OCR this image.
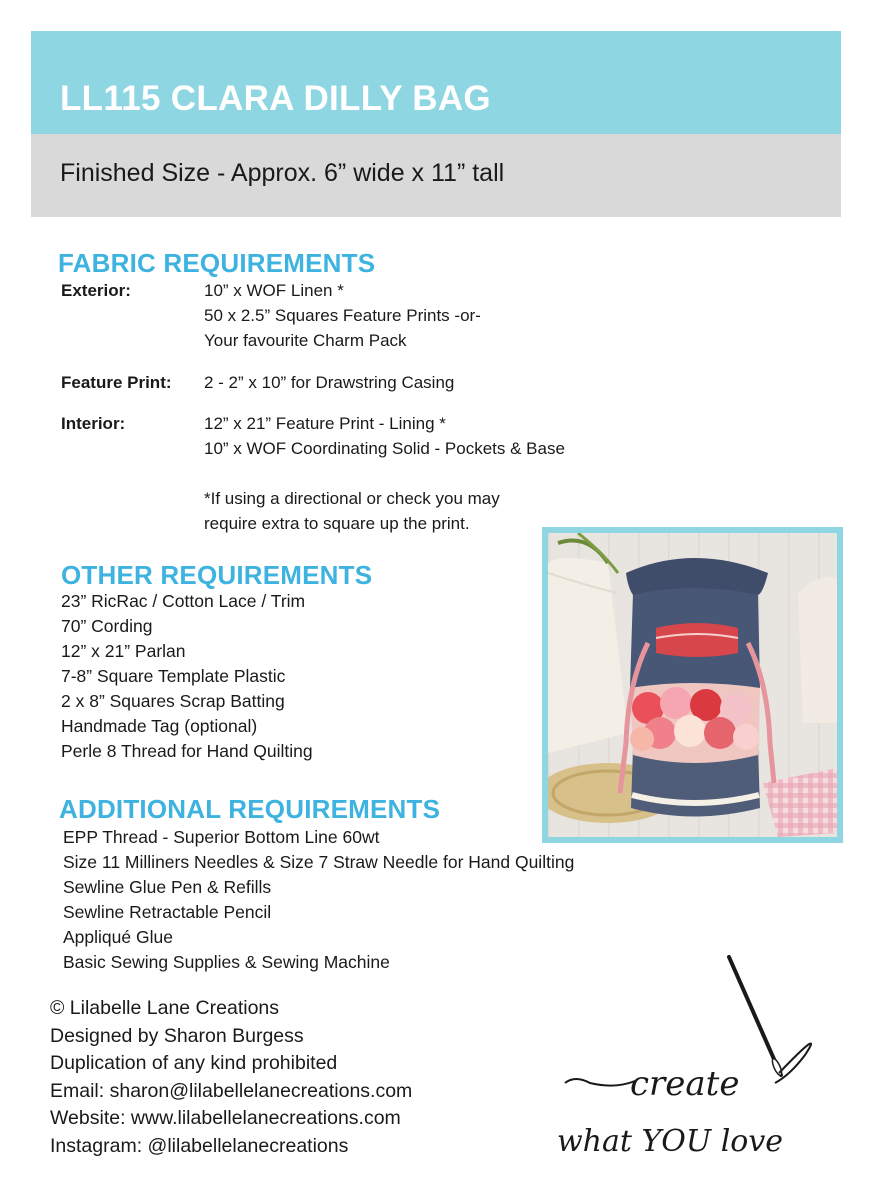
LL115 CLARA DILLY BAG

Finished Size - Approx. 6” wide x 11” tall

FABRIC REQUIREMENTS
Exterior:	10” x WOF Linen *
50 x 2.5” Squares Feature Prints -or-
Your favourite Charm Pack
Feature Print: 2 - 2” x 10” for Drawstring Casing
Interior:	12” x 21” Feature Print - Lining *
10” x WOF Coordinating Solid - Pockets & Base
*If using a directional or check you may
require extra to square up the print.
OTHER REQUIREMENTS
23” RicRac / Cotton Lace / Trim
70” Cording
12” x 21” Parlan
7-8” Square Template Plastic
2 x 8” Squares Scrap Batting
Handmade Tag (optional)
Perle 8 Thread for Hand Quilting
ADDITIONAL REQUIREMENTS
EPP Thread - Superior Bottom Line 60wt
Size 11 Milliners Needles & Size 7 Straw Needle for Hand Quilting
Sewline Glue Pen & Refills
Sewline Retractable Pencil
Appliqué Glue
Basic Sewing Supplies & Sewing Machine
© Lilabelle Lane Creations
Designed by Sharon Burgess
Duplication of any kind prohibited
Email: sharon@lilabellelanecreations.com
Website: www.lilabellelanecreations.com
Instagram: @lilabellelanecreations
create
what YOU love
